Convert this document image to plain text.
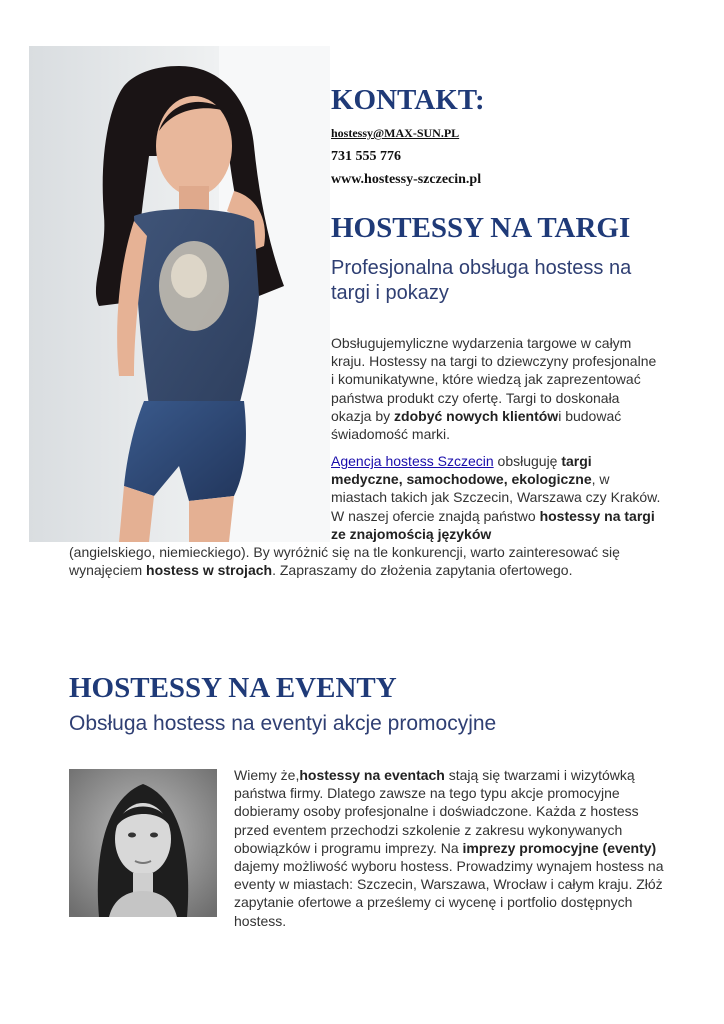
KONTAKT:
hostessy@MAX-SUN.PL
731 555 776
www.hostessy-szczecin.pl
HOSTESSY NA TARGI
Profesjonalna obsługa hostess na targi i pokazy

Obsługujemyliczne wydarzenia targowe w całym kraju. Hostessy na targi to dziewczyny profesjonalne i komunikatywne, które wiedzą jak zaprezentować państwa produkt czy ofertę. Targi to doskonała okazja by zdobyć nowych klientówi budować świadomość marki.

Agencja hostess Szczecin obsługuję targi medyczne, samochodowe, ekologiczne, w miastach takich jak Szczecin, Warszawa czy Kraków. W naszej ofercie znajdą państwo hostessy na targi ze znajomością języków

(angielskiego, niemieckiego). By wyróżnić się na tle konkurencji, warto zainteresować się wynajęciem hostess w strojach. Zapraszamy do złożenia zapytania ofertowego.

HOSTESSY NA EVENTY
Obsługa hostess na eventyi akcje promocyjne

Wiemy że,hostessy na eventach stają się twarzami i wizytówką państwa firmy. Dlatego zawsze na tego typu akcje promocyjne dobieramy osoby profesjonalne i doświadczone. Każda z hostess przed eventem przechodzi szkolenie z zakresu wykonywanych obowiązków i programu imprezy. Na imprezy promocyjne (eventy) dajemy możliwość wyboru hostess. Prowadzimy wynajem hostess na eventy w miastach: Szczecin, Warszawa, Wrocław i całym kraju. Złóż zapytanie ofertowe a prześlemy ci wycenę i portfolio dostępnych hostess.
